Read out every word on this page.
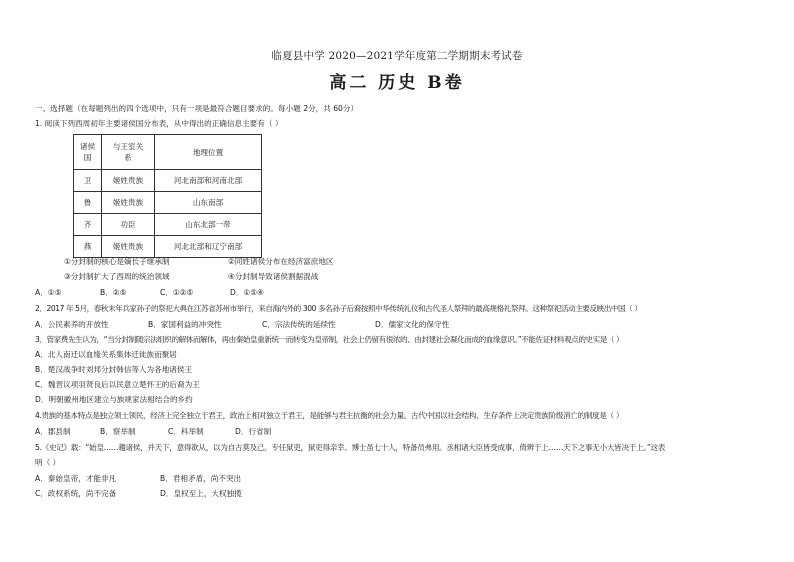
临夏县中学 2020—2021学年度第二学期期末考试卷
高二 历史 B卷
一、选择题（在每题列出的四个选项中，只有一项是最符合题目要求的。每小题 2分，共 60分）
1. 阅读下列西周初年主要诸侯国分布表，从中得出的正确信息主要有（ ）
诸侯国	与王室关系	地理位置
卫	姬姓贵族	河北南部和河南北部
鲁	姬姓贵族	山东南部
齐	功臣	山东北部一带
燕	姬姓贵族	河北北部和辽宁南部
①分封制的核心是嫡长子继承制	②同姓诸侯分布在经济富庶地区
③分封制扩大了西周的统治领域	④分封制导致诸侯割据混战
A．①⑤	B．②⑤	C．①②⑤	D．①⑤④
2．2017 年 5月，春秋末年兵家孙子的祭祀大典在江苏省苏州市举行，来自海内外的 300 多名孙子后裔按照中华传统礼仪和古代圣人祭拜的最高规格礼祭拜。这种祭祀活动主要反映出中国（ ）
A．公民素养的开放性	B．家国利益的冲突性	C．宗法传统的延续性	D．儒家文化的保守性
3．管家费先生认为，“当分封制随宗法组织的解体而解体，再由秦始皇重新统一而转变为皇帝制，社会上仍留有很浓的、由封建社会凝化而成的血缘意识。”不能佐证材料观点的史实是（ ）
A．北人南迁以血缘关系集体迁徙族而聚居
B．楚汉战争时刘邦分封韩信等人为各地诸侯王
C．魏晋议项羽贤良后以民意立楚怀王的后裔为王
D．明朝徽州地区建立与族规家法相结合的乡约
4.贵族的基本特点是独立领土领民，经济上完全独立于君王，政治上相对独立于君王，是能够与君主抗衡的社会力量。古代中国以社会结构、生存条件上决定贵族阶级消亡的制度是（ ）
A．郡县制	B．察举制	C．科举制	D．行省制
5.《史记》载：“始皇……趨诸侯，并天下，意得欲从，以为自古莫及己。专任狱吏，狱吏得亲幸。博士虽七十人，特备员弗用。丞相诸大臣皆受成事，倚辨于上……天下之事无小大皆决于上。”这表
明（ ）
A．秦始皇帝，才能非凡	B．君相矛盾，尚不突出
C．政权系统，尚不完备	D．皇权至上，大权独揽
